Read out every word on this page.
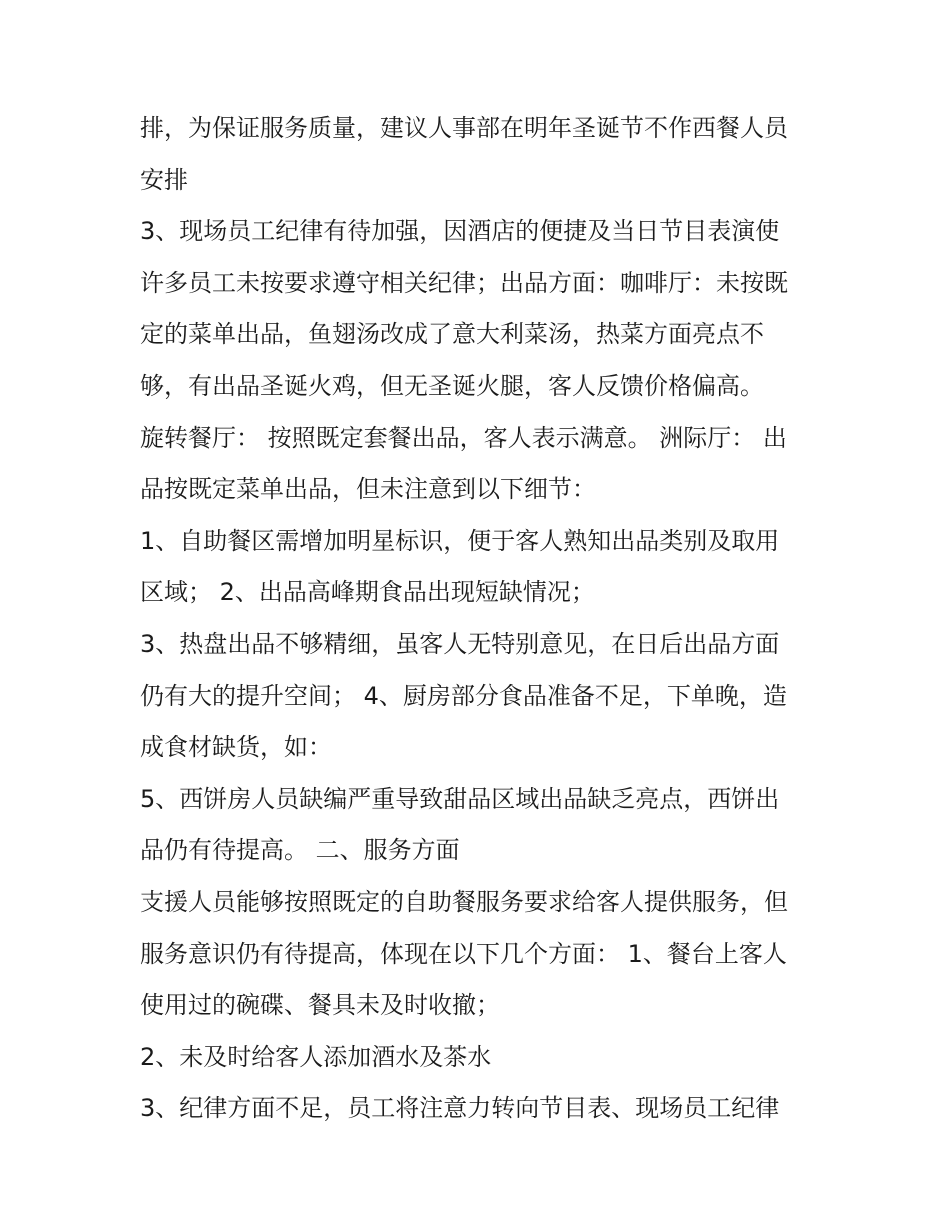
排，为保证服务质量，建议人事部在明年圣诞节不作西餐人员
安排
3、现场员工纪律有待加强，因酒店的便捷及当日节目表演使
许多员工未按要求遵守相关纪律；出品方面：咖啡厅：未按既
定的菜单出品，鱼翅汤改成了意大利菜汤，热菜方面亮点不
够，有出品圣诞火鸡，但无圣诞火腿，客人反馈价格偏高。
旋转餐厅： 按照既定套餐出品，客人表示满意。 洲际厅： 出
品按既定菜单出品，但未注意到以下细节：
1、自助餐区需增加明星标识，便于客人熟知出品类别及取用
区域； 2、出品高峰期食品出现短缺情况；
3、热盘出品不够精细，虽客人无特别意见，在日后出品方面
仍有大的提升空间； 4、厨房部分食品准备不足，下单晚，造
成食材缺货，如：
5、西饼房人员缺编严重导致甜品区域出品缺乏亮点，西饼出
品仍有待提高。 二、服务方面
支援人员能够按照既定的自助餐服务要求给客人提供服务，但
服务意识仍有待提高，体现在以下几个方面： 1、餐台上客人
使用过的碗碟、餐具未及时收撤；
2、未及时给客人添加酒水及茶水
3、纪律方面不足，员工将注意力转向节目表、现场员工纪律
